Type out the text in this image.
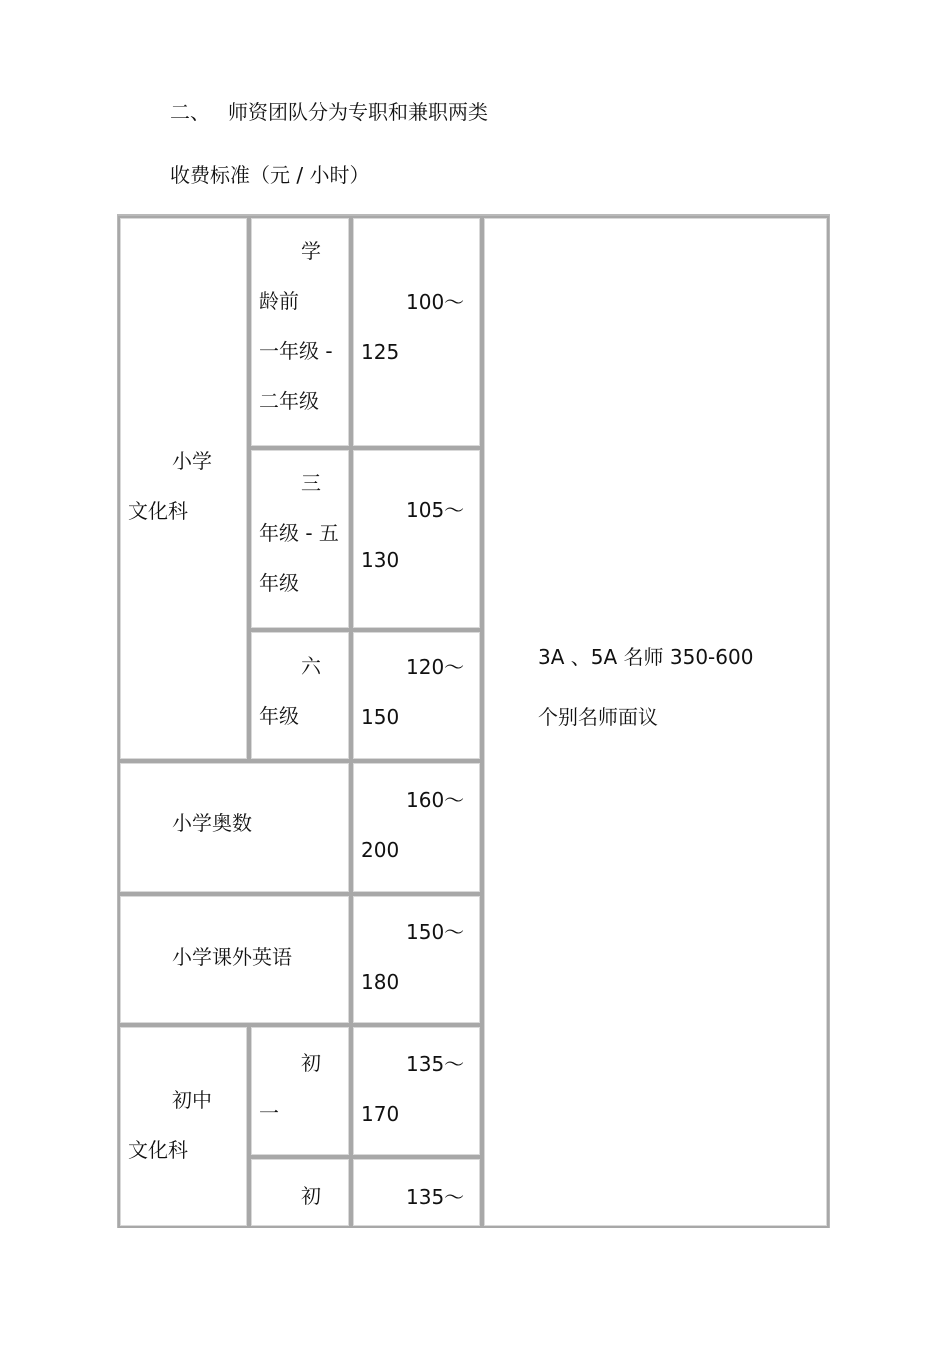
二、 师资团队分为专职和兼职两类
收费标准（元 / 小时）
小学
文化科
学
龄前
一年级 -
二年级
100～
125
三
年级 - 五
年级
105～
130
六
年级
120～
150
小学奥数
160～
200
小学课外英语
150～
180
初中
文化科
初
一
135～
170
初	135～
3A 、5A 名师 350-600
个别名师面议
